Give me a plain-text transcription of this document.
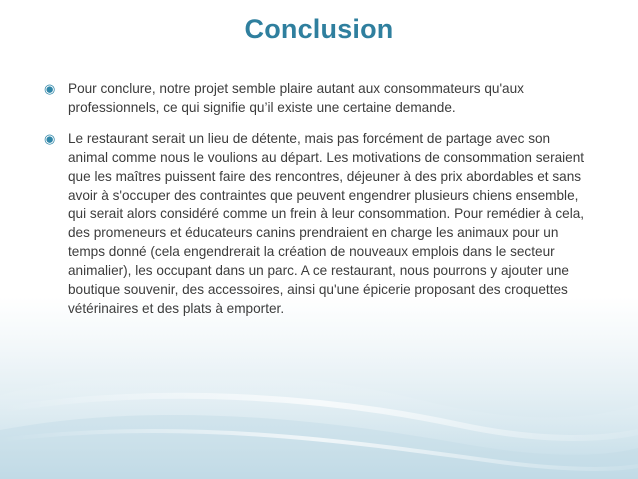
Conclusion
◉ Pour conclure, notre projet semble plaire autant aux consommateurs qu'aux professionnels, ce qui signifie qu’il existe une certaine demande.
◉ Le restaurant serait un lieu de détente, mais pas forcément de partage avec son animal comme nous le voulions au départ. Les motivations de consommation seraient que les maîtres puissent faire des rencontres, déjeuner à des prix abordables et sans avoir à s'occuper des contraintes que peuvent engendrer plusieurs chiens ensemble, qui serait alors considéré comme un frein à leur consommation. Pour remédier à cela, des promeneurs et éducateurs canins prendraient en charge les animaux pour un temps donné (cela engendrerait la création de nouveaux emplois dans le secteur animalier), les occupant dans un parc. A ce restaurant, nous pourrons y ajouter une boutique souvenir, des accessoires, ainsi qu'une épicerie proposant des croquettes vétérinaires et des plats à emporter.
